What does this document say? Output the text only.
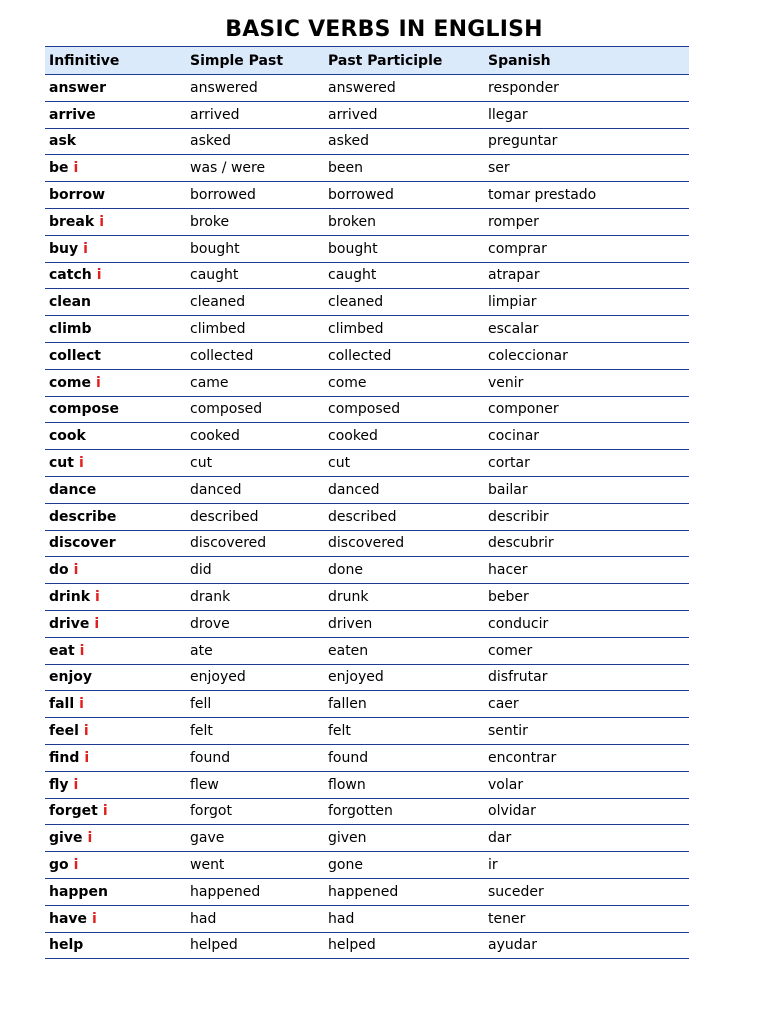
BASIC VERBS IN ENGLISH
Infinitive	Simple Past	Past Participle	Spanish
answer	answered	answered	responder
arrive	arrived	arrived	llegar
ask	asked	asked	preguntar
be i	was / were	been	ser
borrow	borrowed	borrowed	tomar prestado
break i	broke	broken	romper
buy i	bought	bought	comprar
catch i	caught	caught	atrapar
clean	cleaned	cleaned	limpiar
climb	climbed	climbed	escalar
collect	collected	collected	coleccionar
come i	came	come	venir
compose	composed	composed	componer
cook	cooked	cooked	cocinar
cut i	cut	cut	cortar
dance	danced	danced	bailar
describe	described	described	describir
discover	discovered	discovered	descubrir
do i	did	done	hacer
drink i	drank	drunk	beber
drive i	drove	driven	conducir
eat i	ate	eaten	comer
enjoy	enjoyed	enjoyed	disfrutar
fall i	fell	fallen	caer
feel i	felt	felt	sentir
find i	found	found	encontrar
fly i	flew	flown	volar
forget i	forgot	forgotten	olvidar
give i	gave	given	dar
go i	went	gone	ir
happen	happened	happened	suceder
have i	had	had	tener
help	helped	helped	ayudar
